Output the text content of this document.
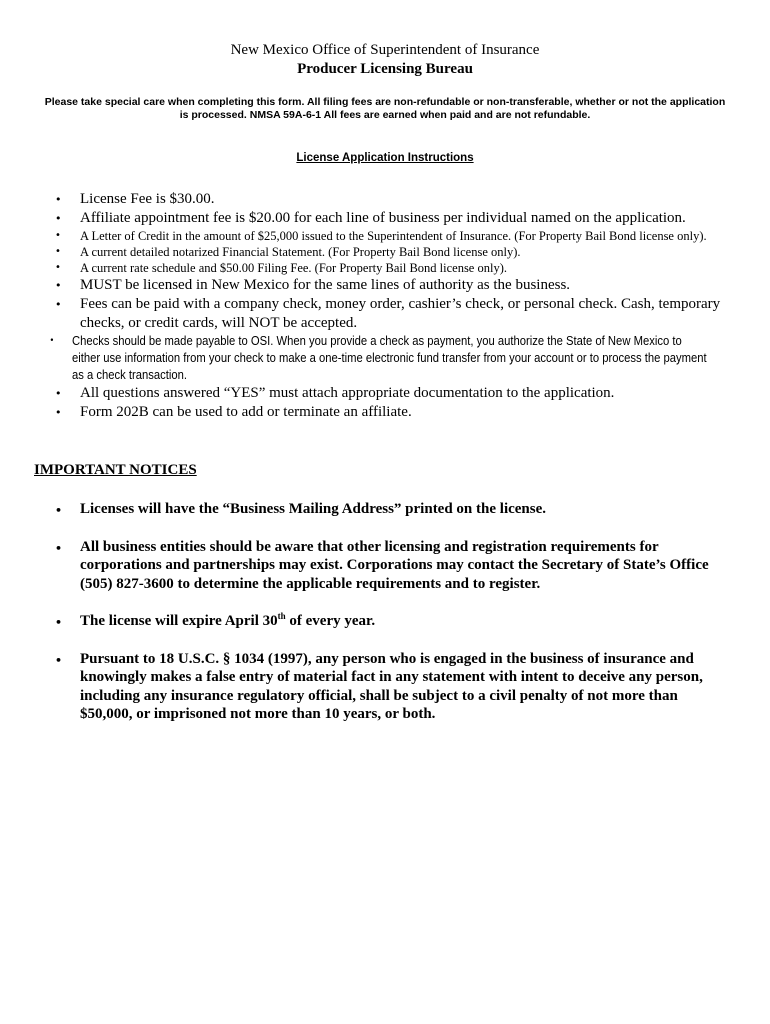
New Mexico Office of Superintendent of Insurance
Producer Licensing Bureau
Please take special care when completing this form. All filing fees are non-refundable or non-transferable, whether or not the application is processed. NMSA 59A-6-1 All fees are earned when paid and are not refundable.
License Application Instructions
• License Fee is $30.00.
• Affiliate appointment fee is $20.00 for each line of business per individual named on the application.
• A Letter of Credit in the amount of $25,000 issued to the Superintendent of Insurance. (For Property Bail Bond license only).
• A current detailed notarized Financial Statement. (For Property Bail Bond license only).
• A current rate schedule and $50.00 Filing Fee. (For Property Bail Bond license only).
• MUST be licensed in New Mexico for the same lines of authority as the business.
• Fees can be paid with a company check, money order, cashier’s check, or personal check. Cash, temporary checks, or credit cards, will NOT be accepted.
• Checks should be made payable to OSI. When you provide a check as payment, you authorize the State of New Mexico to either use information from your check to make a one-time electronic fund transfer from your account or to process the payment as a check transaction.
• All questions answered “YES” must attach appropriate documentation to the application.
• Form 202B can be used to add or terminate an affiliate.
IMPORTANT NOTICES
• Licenses will have the “Business Mailing Address” printed on the license.
• All business entities should be aware that other licensing and registration requirements for corporations and partnerships may exist. Corporations may contact the Secretary of State’s Office (505) 827-3600 to determine the applicable requirements and to register.
• The license will expire April 30th of every year.
• Pursuant to 18 U.S.C. § 1034 (1997), any person who is engaged in the business of insurance and knowingly makes a false entry of material fact in any statement with intent to deceive any person, including any insurance regulatory official, shall be subject to a civil penalty of not more than $50,000, or imprisoned not more than 10 years, or both.
